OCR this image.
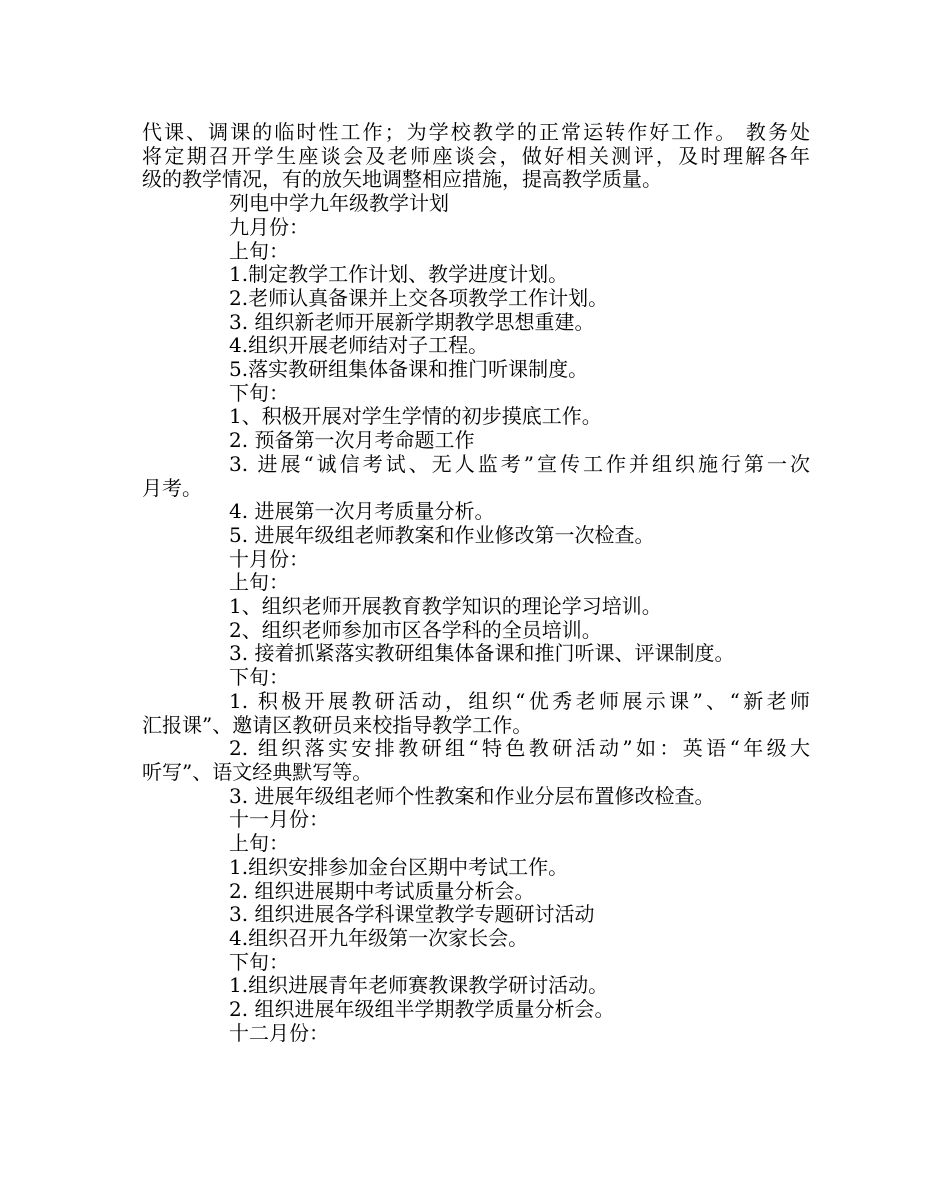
代课、调课的临时性工作；为学校教学的正常运转作好工作。 教务处
将定期召开学生座谈会及老师座谈会，做好相关测评，及时理解各年
级的教学情况，有的放矢地调整相应措施，提高教学质量。
列电中学九年级教学计划
九月份：
上旬：
1.制定教学工作计划、教学进度计划。
2.老师认真备课并上交各项教学工作计划。
3. 组织新老师开展新学期教学思想重建。
4.组织开展老师结对子工程。
5.落实教研组集体备课和推门听课制度。
下旬：
1、积极开展对学生学情的初步摸底工作。
2. 预备第一次月考命题工作
3. 进展“诚信考试、无人监考”宣传工作并组织施行第一次
月考。
4. 进展第一次月考质量分析。
5. 进展年级组老师教案和作业修改第一次检查。
十月份：
上旬：
1、组织老师开展教育教学知识的理论学习培训。
2、组织老师参加市区各学科的全员培训。
3. 接着抓紧落实教研组集体备课和推门听课、评课制度。
下旬：
1. 积极开展教研活动，组织“优秀老师展示课”、“新老师
汇报课”、邀请区教研员来校指导教学工作。
2. 组织落实安排教研组“特色教研活动”如：英语“年级大
听写”、语文经典默写等。
3. 进展年级组老师个性教案和作业分层布置修改检查。
十一月份：
上旬：
1.组织安排参加金台区期中考试工作。
2. 组织进展期中考试质量分析会。
3. 组织进展各学科课堂教学专题研讨活动
4.组织召开九年级第一次家长会。
下旬：
1.组织进展青年老师赛教课教学研讨活动。
2. 组织进展年级组半学期教学质量分析会。
十二月份：
